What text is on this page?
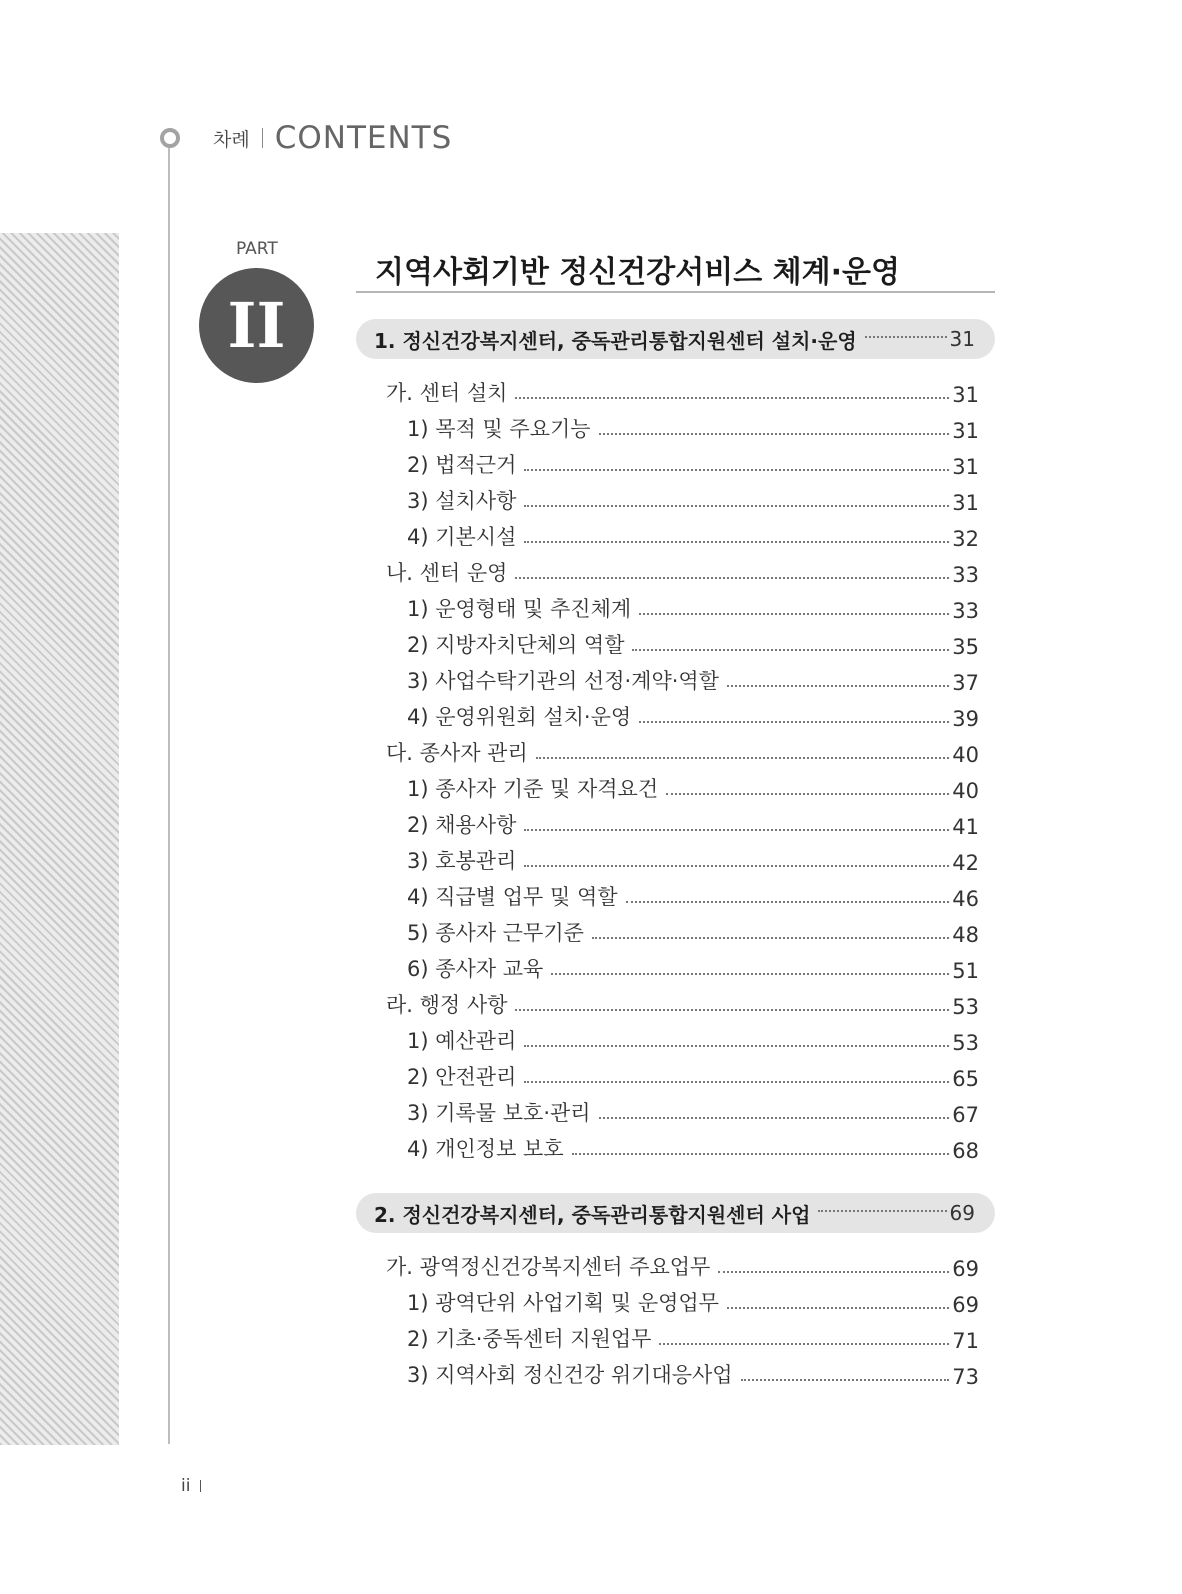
차례 CONTENTS
PART
II
지역사회기반 정신건강서비스 체계·운영
1. 정신건강복지센터, 중독관리통합지원센터 설치·운영	31
가. 센터 설치	31
1) 목적 및 주요기능	31
2) 법적근거	31
3) 설치사항	31
4) 기본시설	32
나. 센터 운영	33
1) 운영형태 및 추진체계	33
2) 지방자치단체의 역할	35
3) 사업수탁기관의 선정·계약·역할	37
4) 운영위원회 설치·운영	39
다. 종사자 관리	40
1) 종사자 기준 및 자격요건	40
2) 채용사항	41
3) 호봉관리	42
4) 직급별 업무 및 역할	46
5) 종사자 근무기준	48
6) 종사자 교육	51
라. 행정 사항	53
1) 예산관리	53
2) 안전관리	65
3) 기록물 보호·관리	67
4) 개인정보 보호	68
2. 정신건강복지센터, 중독관리통합지원센터 사업	69
가. 광역정신건강복지센터 주요업무	69
1) 광역단위 사업기획 및 운영업무	69
2) 기초·중독센터 지원업무	71
3) 지역사회 정신건강 위기대응사업	73
ii
